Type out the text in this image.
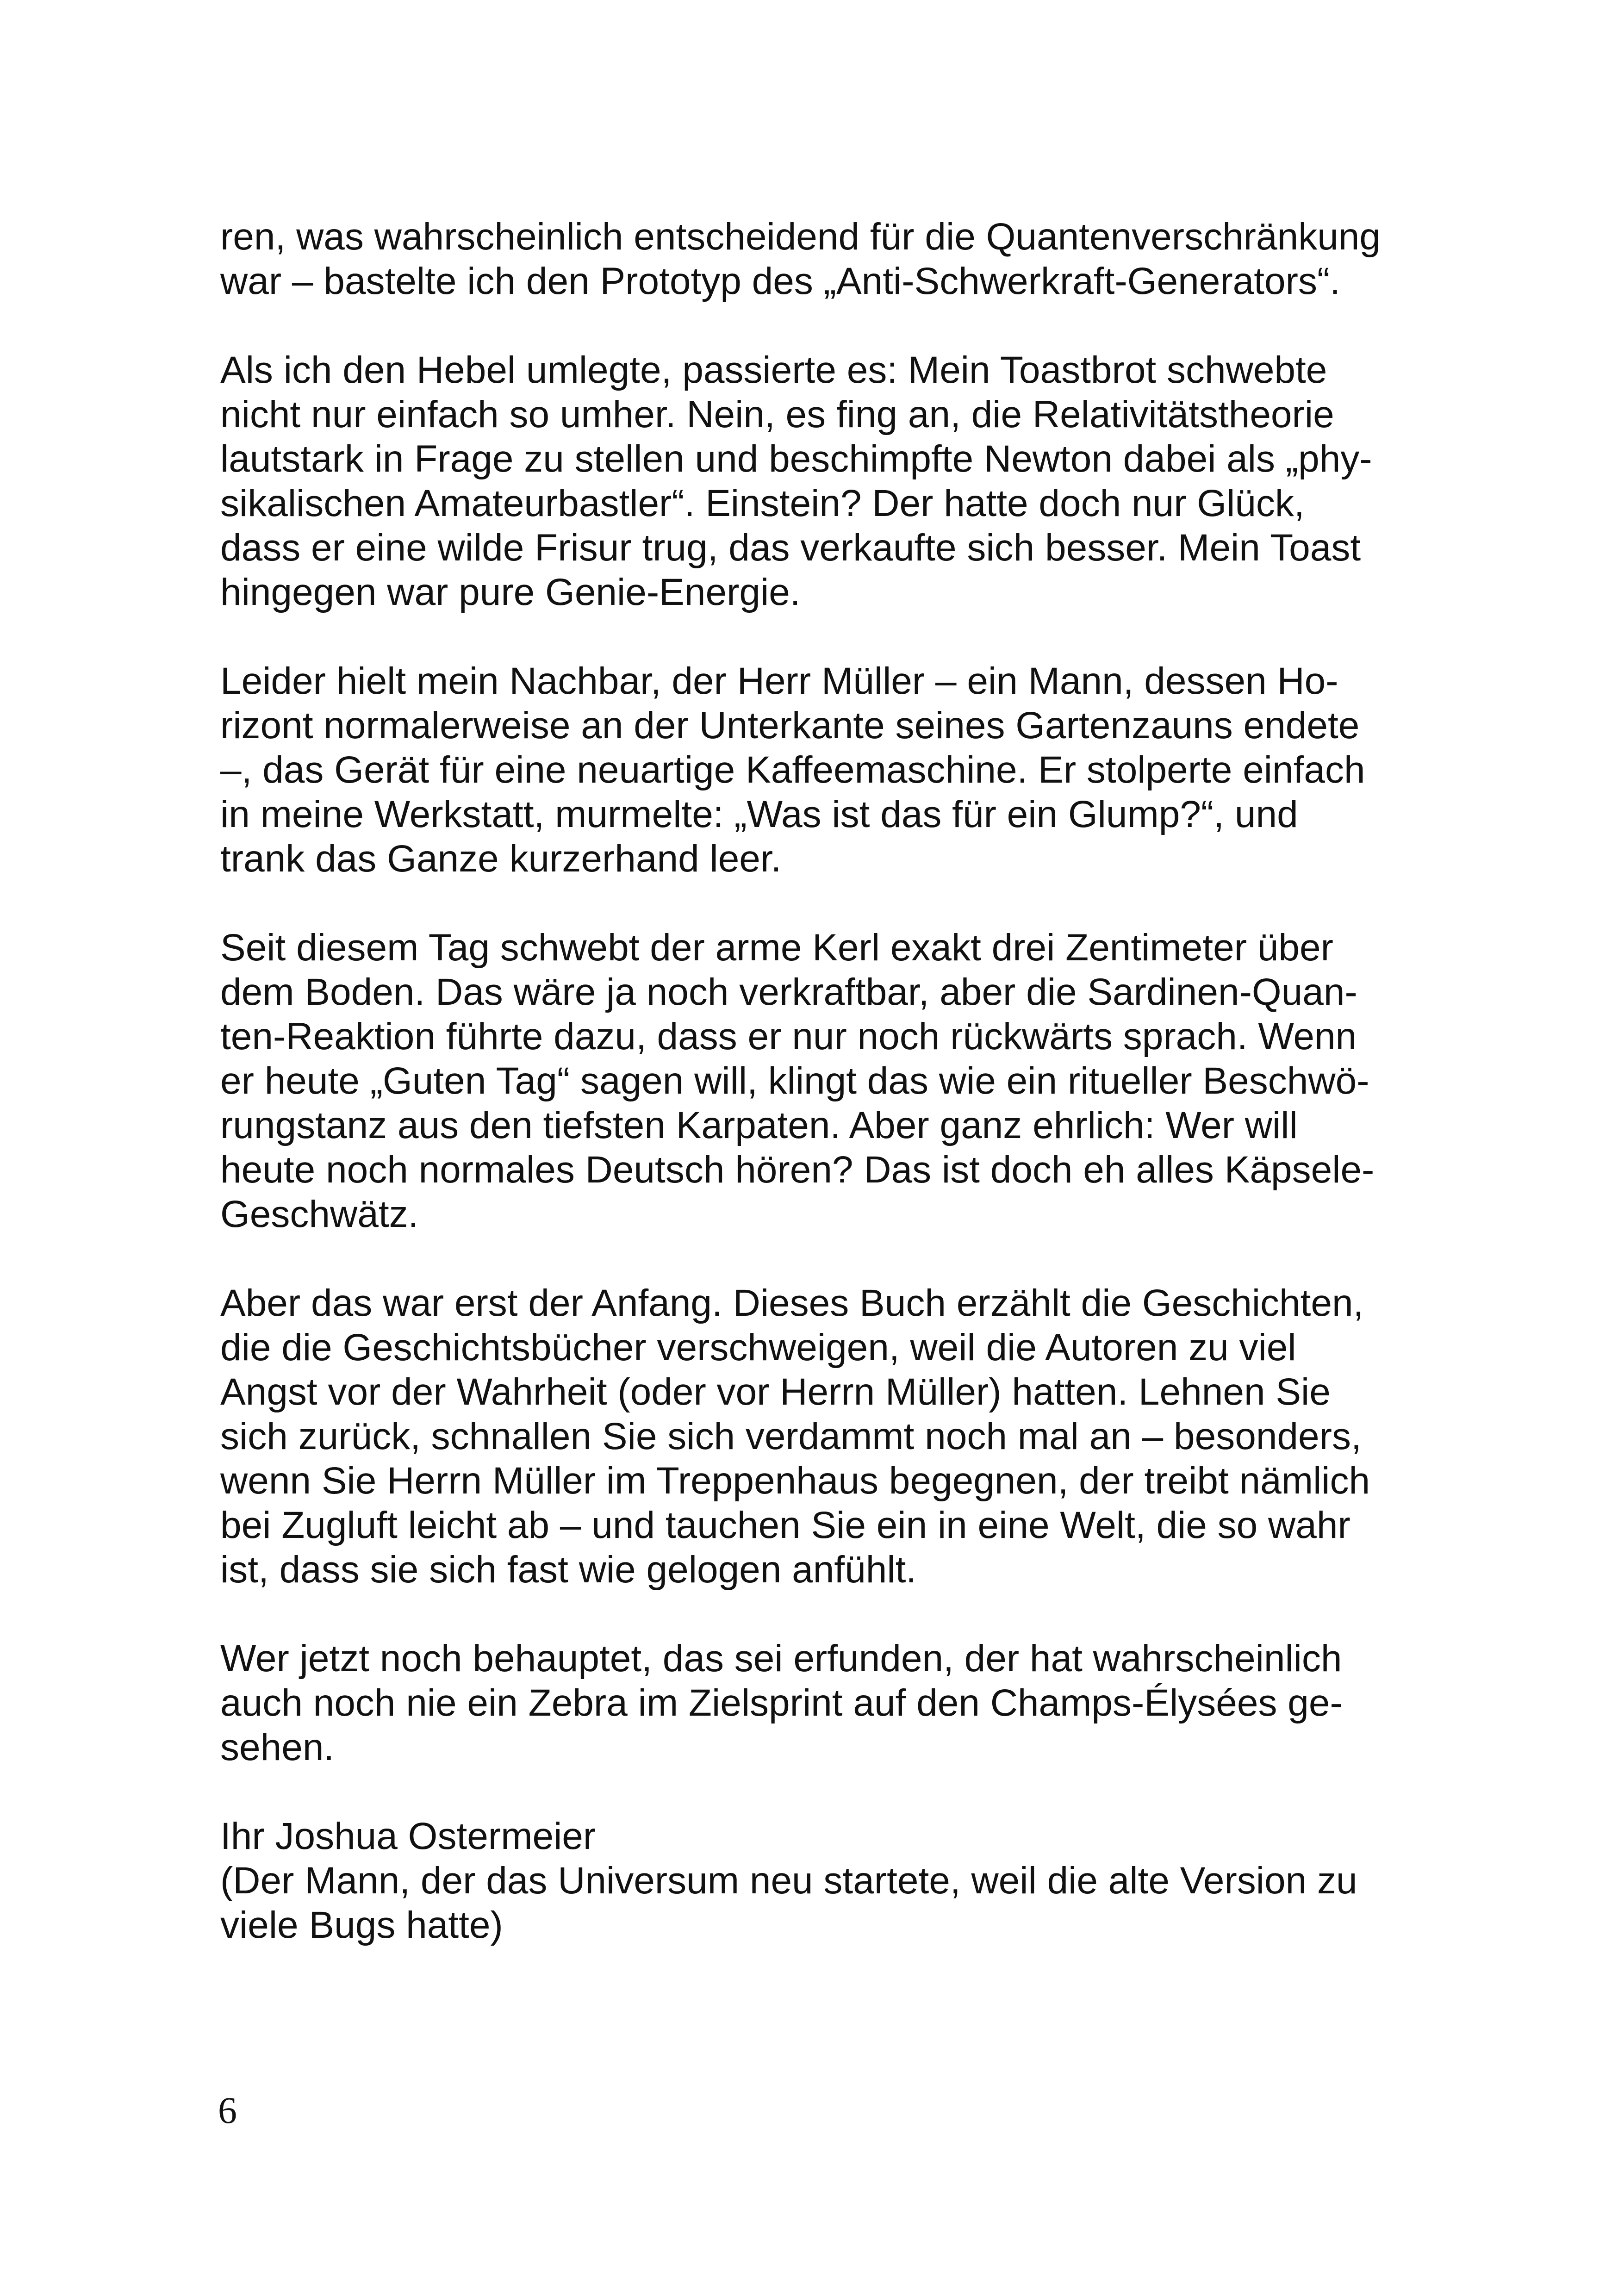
ren, was wahrscheinlich entscheidend für die Quantenverschränkung
war – bastelte ich den Prototyp des „Anti-Schwerkraft-Generators“.
Als ich den Hebel umlegte, passierte es: Mein Toastbrot schwebte
nicht nur einfach so umher. Nein, es fing an, die Relativitätstheorie
lautstark in Frage zu stellen und beschimpfte Newton dabei als „phy-
sikalischen Amateurbastler“. Einstein? Der hatte doch nur Glück,
dass er eine wilde Frisur trug, das verkaufte sich besser. Mein Toast
hingegen war pure Genie-Energie.
Leider hielt mein Nachbar, der Herr Müller – ein Mann, dessen Ho-
rizont normalerweise an der Unterkante seines Gartenzauns endete
–, das Gerät für eine neuartige Kaffeemaschine. Er stolperte einfach
in meine Werkstatt, murmelte: „Was ist das für ein Glump?“, und
trank das Ganze kurzerhand leer.
Seit diesem Tag schwebt der arme Kerl exakt drei Zentimeter über
dem Boden. Das wäre ja noch verkraftbar, aber die Sardinen-Quan-
ten-Reaktion führte dazu, dass er nur noch rückwärts sprach. Wenn
er heute „Guten Tag“ sagen will, klingt das wie ein ritueller Beschwö-
rungstanz aus den tiefsten Karpaten. Aber ganz ehrlich: Wer will
heute noch normales Deutsch hören? Das ist doch eh alles Käpsele-
Geschwätz.
Aber das war erst der Anfang. Dieses Buch erzählt die Geschichten,
die die Geschichtsbücher verschweigen, weil die Autoren zu viel
Angst vor der Wahrheit (oder vor Herrn Müller) hatten. Lehnen Sie
sich zurück, schnallen Sie sich verdammt noch mal an – besonders,
wenn Sie Herrn Müller im Treppenhaus begegnen, der treibt nämlich
bei Zugluft leicht ab – und tauchen Sie ein in eine Welt, die so wahr
ist, dass sie sich fast wie gelogen anfühlt.
Wer jetzt noch behauptet, das sei erfunden, der hat wahrscheinlich
auch noch nie ein Zebra im Zielsprint auf den Champs-Élysées ge-
sehen.
Ihr Joshua Ostermeier
(Der Mann, der das Universum neu startete, weil die alte Version zu
viele Bugs hatte)
6
